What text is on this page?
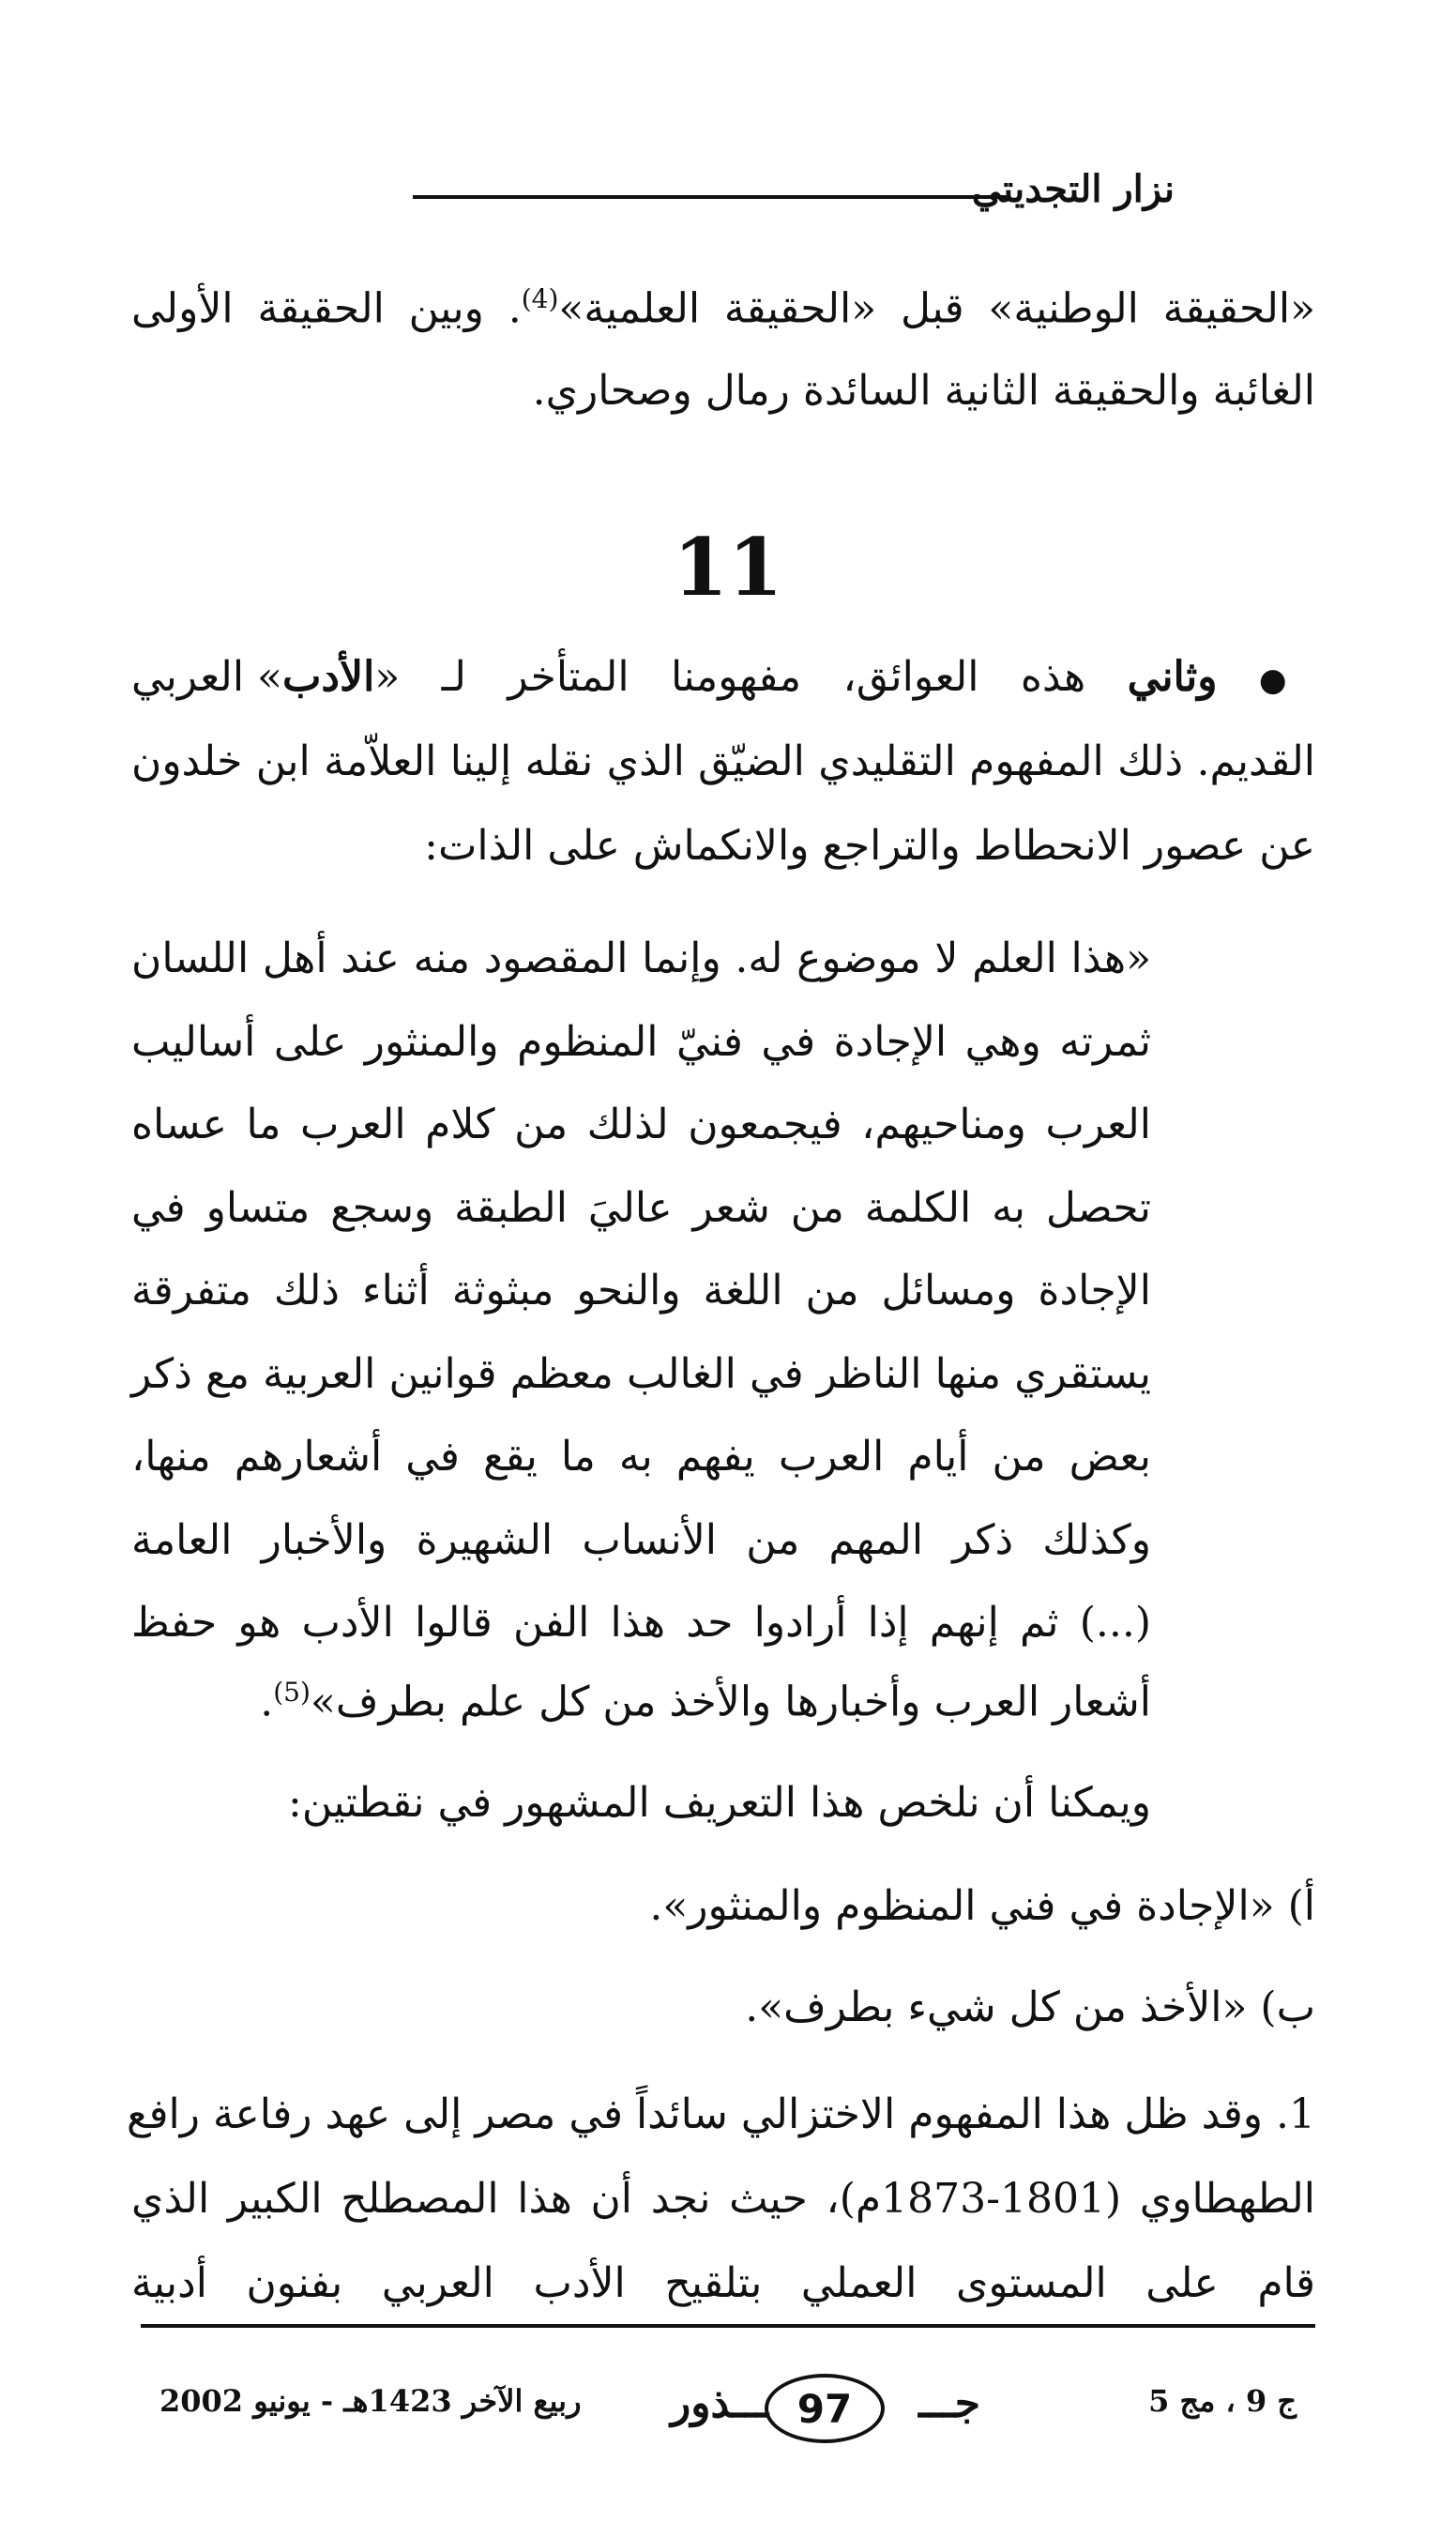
نزار التجديتي
«الحقيقة الوطنية» قبل «الحقيقة العلمية»$^{(4)}$. وبين الحقيقة الأولى
الغائبة والحقيقة الثانية السائدة رمال وصحاري.
11
● وثاني هذه العوائق، مفهومنا المتأخر لـ «الأدب» العربي
القديم. ذلك المفهوم التقليدي الضيّق الذي نقله إلينا العلاّمة ابن خلدون
عن عصور الانحطاط والتراجع والانكماش على الذات:
«هذا العلم لا موضوع له. وإنما المقصود منه عند أهل اللسان
ثمرته وهي الإجادة في فنيّ المنظوم والمنثور على أساليب
العرب ومناحيهم، فيجمعون لذلك من كلام العرب ما عساه
تحصل به الكلمة من شعر عاليَ الطبقة وسجع متساو في
الإجادة ومسائل من اللغة والنحو مبثوثة أثناء ذلك متفرقة
يستقري منها الناظر في الغالب معظم قوانين العربية مع ذكر
بعض من أيام العرب يفهم به ما يقع في أشعارهم منها،
وكذلك ذكر المهم من الأنساب الشهيرة والأخبار العامة
(...) ثم إنهم إذا أرادوا حد هذا الفن قالوا الأدب هو حفظ
أشعار العرب وأخبارها والأخذ من كل علم بطرف»$^{(5)}$.
ويمكنا أن نلخص هذا التعريف المشهور في نقطتين:
أ) «الإجادة في فني المنظوم والمنثور».
ب) «الأخذ من كل شيء بطرف».
1. وقد ظل هذا المفهوم الاختزالي سائداً في مصر إلى عهد رفاعة رافع
الطهطاوي (1801-1873م)، حيث نجد أن هذا المصطلح الكبير الذي
قام على المستوى العملي بتلقيح الأدب العربي بفنون أدبية
ربيع الآخر 1423هـ - يونيو 2002 ـــذور 97	جـــ	ج 9 ، مج 5
